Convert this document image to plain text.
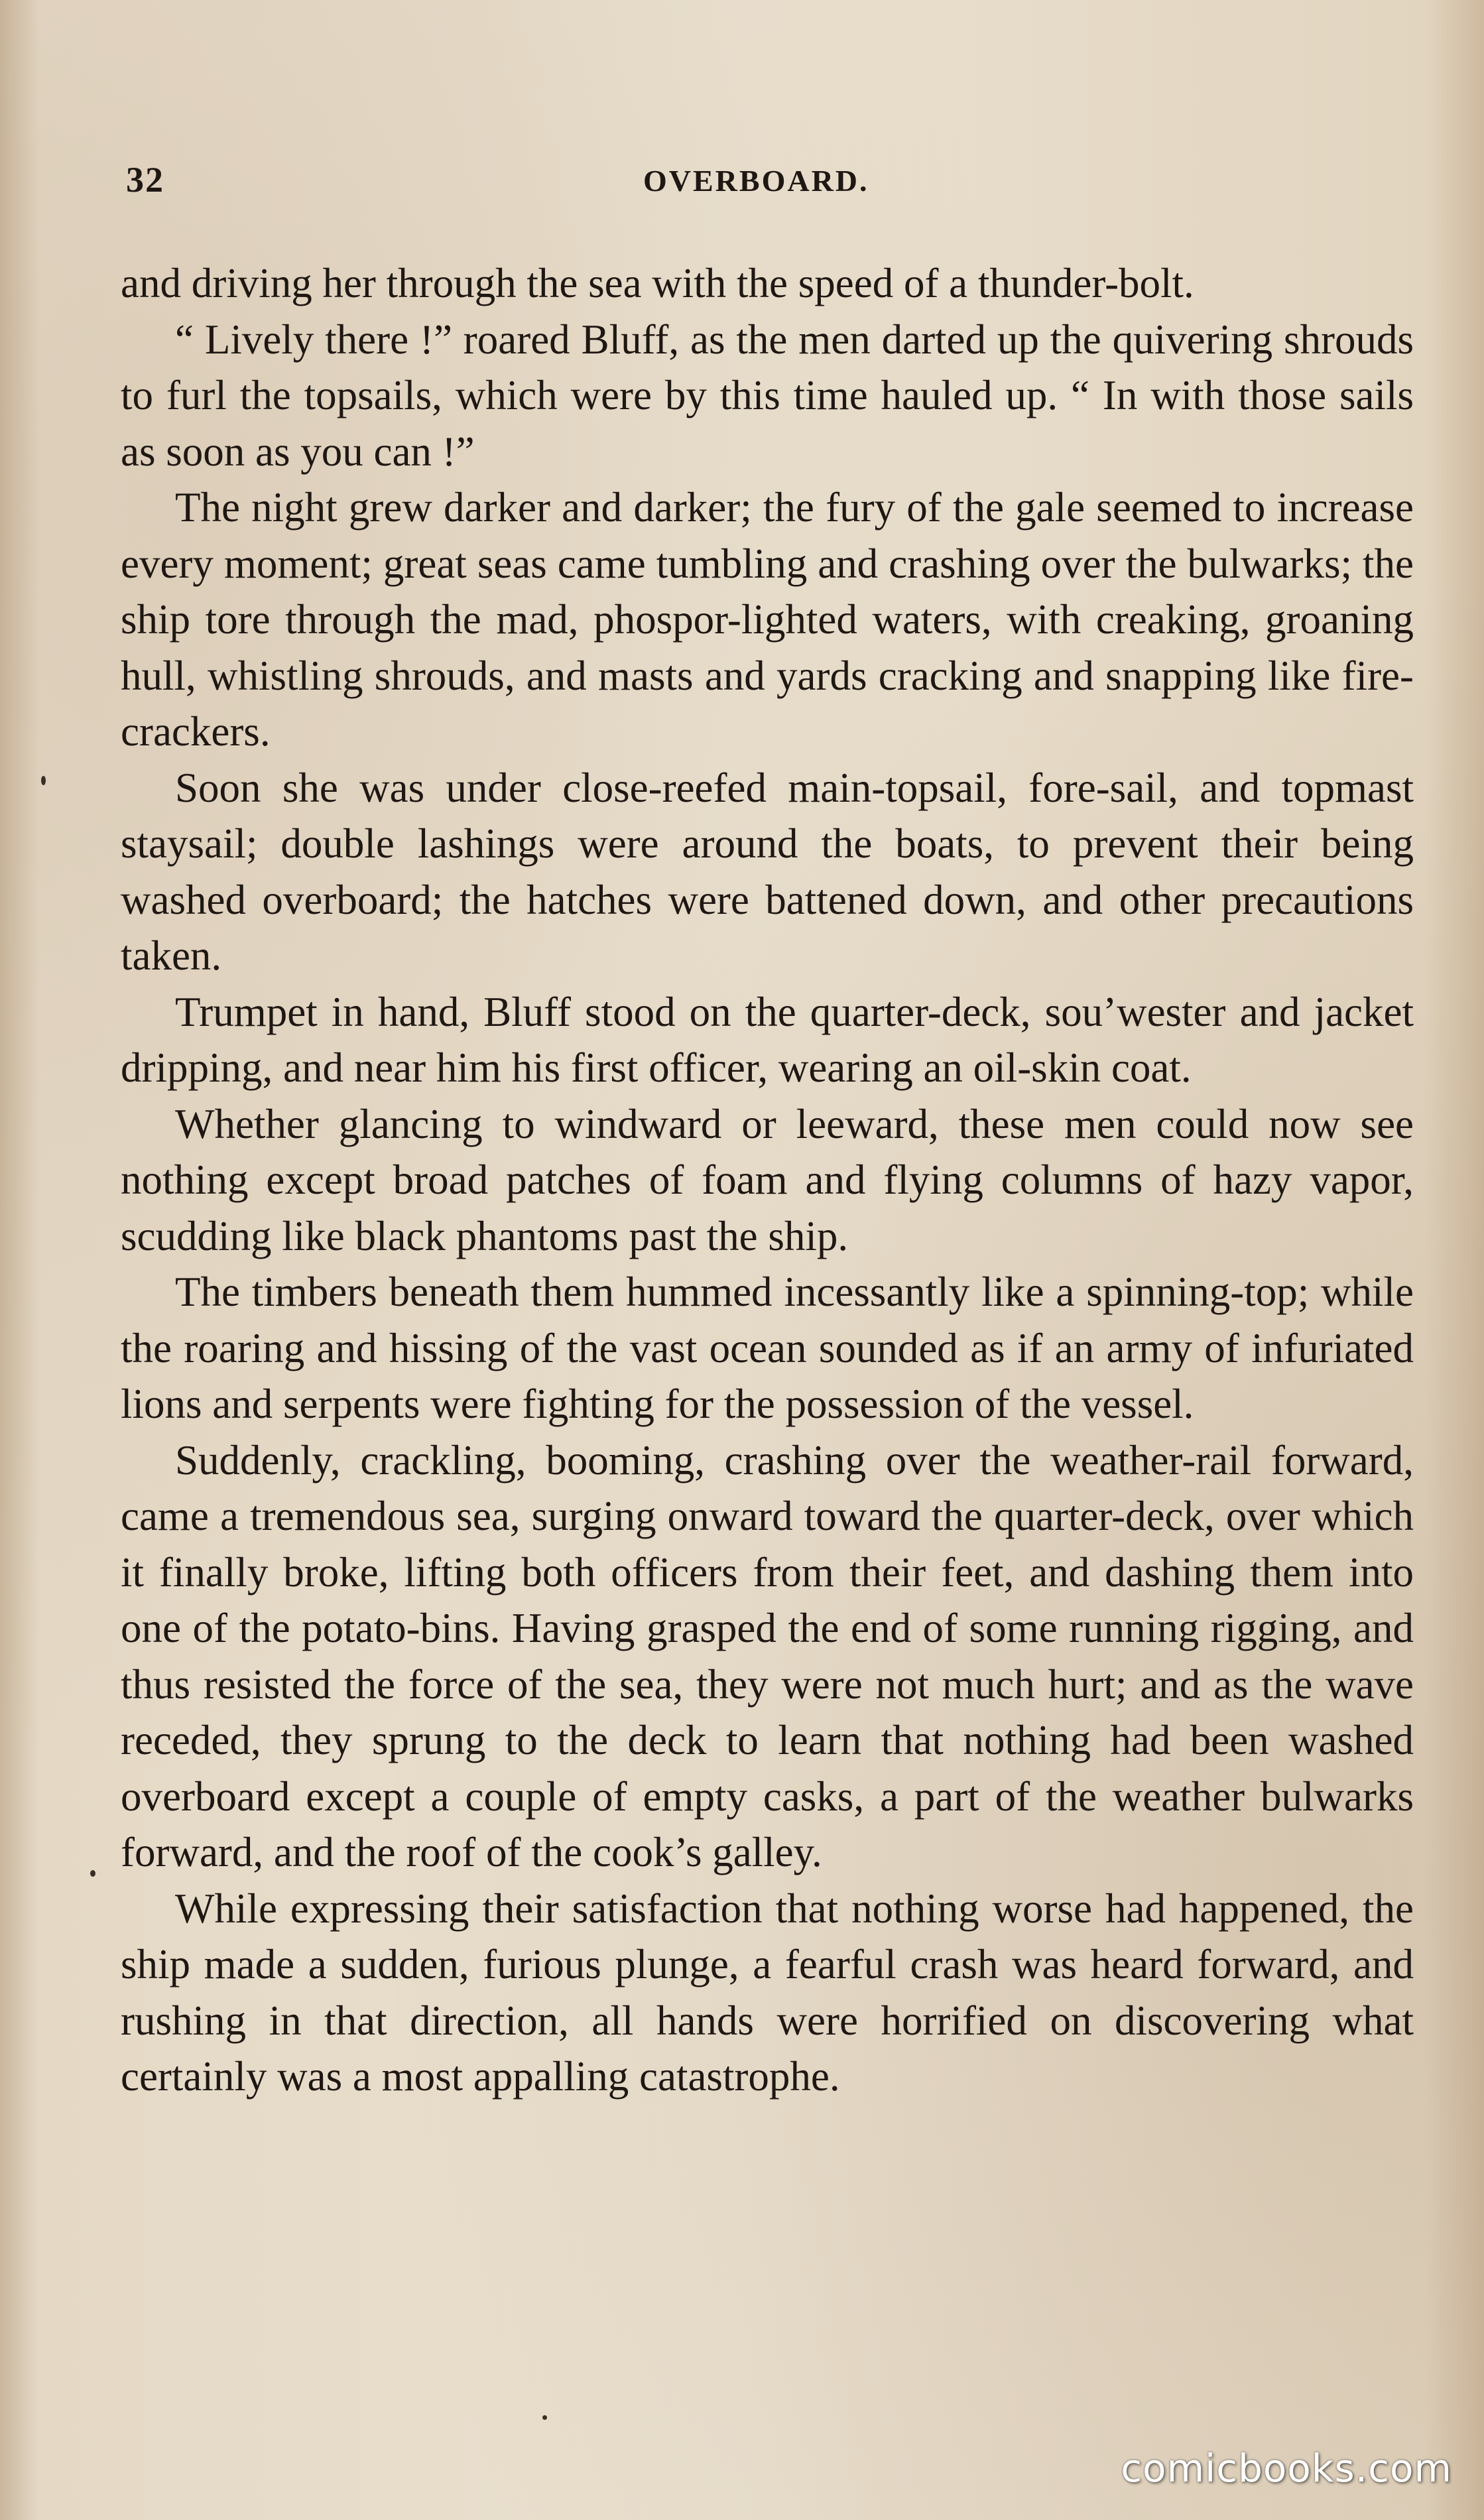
32	OVERBOARD.

and driving her through the sea with the speed of a thunder-bolt.

“ Lively there !” roared Bluff, as the men darted up the quivering shrouds to furl the topsails, which were by this time hauled up. “ In with those sails as soon as you can !”

The night grew darker and darker; the fury of the gale seemed to increase every moment; great seas came tumbling and crashing over the bulwarks; the ship tore through the mad, phospor-lighted waters, with creaking, groaning hull, whistling shrouds, and masts and yards cracking and snapping like fire-crackers.

Soon she was under close-reefed main-topsail, fore-sail, and topmast staysail; double lashings were around the boats, to prevent their being washed overboard; the hatches were battened down, and other precautions taken.

Trumpet in hand, Bluff stood on the quarter-deck, sou’wester and jacket dripping, and near him his first officer, wearing an oil-skin coat.

Whether glancing to windward or leeward, these men could now see nothing except broad patches of foam and flying columns of hazy vapor, scudding like black phantoms past the ship.

The timbers beneath them hummed incessantly like a spinning-top; while the roaring and hissing of the vast ocean sounded as if an army of infuriated lions and serpents were fighting for the possession of the vessel.

Suddenly, crackling, booming, crashing over the weather-rail forward, came a tremendous sea, surging onward toward the quarter-deck, over which it finally broke, lifting both officers from their feet, and dashing them into one of the potato-bins. Having grasped the end of some running rigging, and thus resisted the force of the sea, they were not much hurt; and as the wave receded, they sprung to the deck to learn that nothing had been washed overboard except a couple of empty casks, a part of the weather bulwarks forward, and the roof of the cook’s galley.

While expressing their satisfaction that nothing worse had happened, the ship made a sudden, furious plunge, a fearful crash was heard forward, and rushing in that direction, all hands were horrified on discovering what certainly was a most appalling catastrophe.

comicbooks.com
